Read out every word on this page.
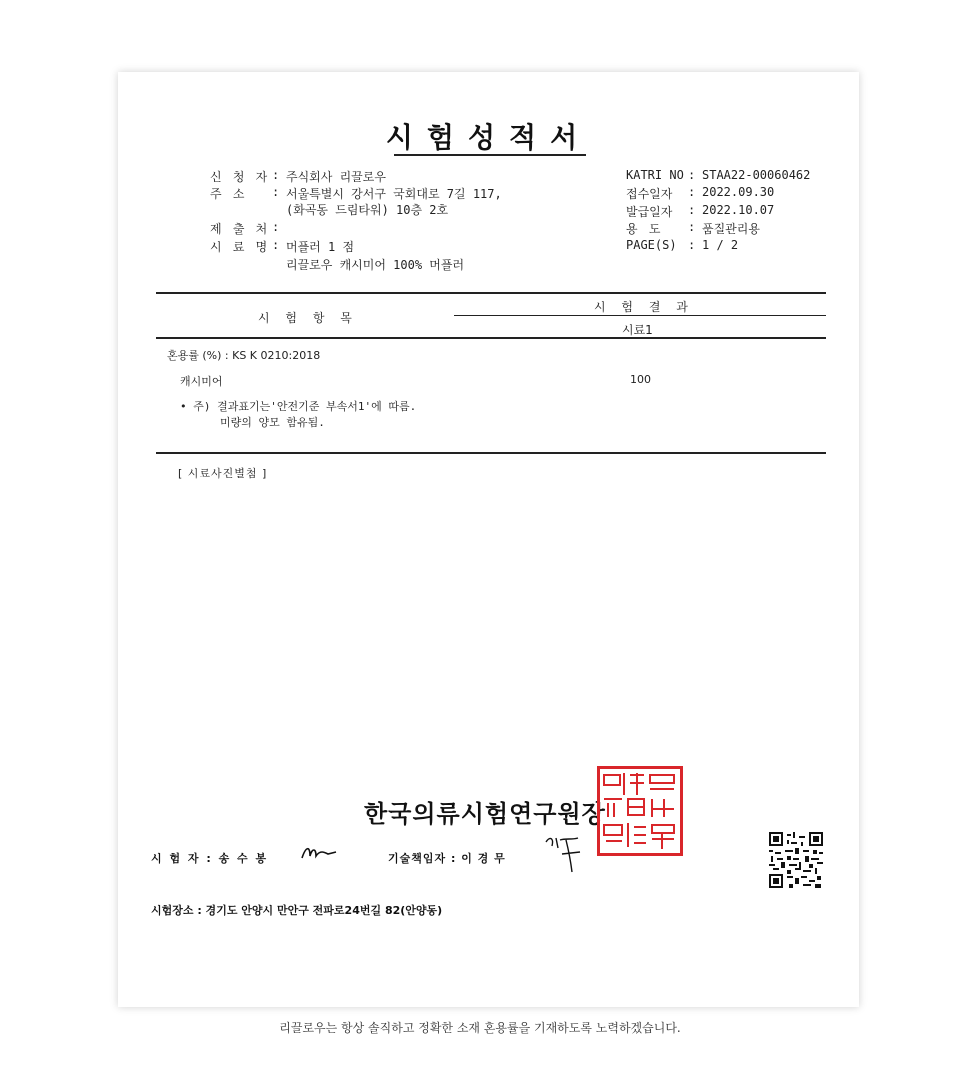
시험성적서
신 청 자 : 주식회사 리끌로우
주 소	: 서울특별시 강서구 국회대로 7길 117,
(화곡동 드림타워) 10층 2호
제 출 처 :
시 료 명 : 머플러 1 점
리끌로우 캐시미어 100% 머플러
KATRI NO : STAA22-00060462
접수일자	: 2022.09.30
발급일자	: 2022.10.07
용 도	: 품질관리용
PAGE(S) : 1 / 2
시 험 항 목
시 험 결 과
시료1
혼용률 (%) : KS K 0210:2018
캐시미어	100
• 주) 결과표기는'안전기준 부속서1'에 따름.
미량의 양모 함유됨.
[ 시료사진별첨 ]
한국의류시험연구원장
시 험 자 : 송 수 봉	기술책임자 : 이 경 무
시험장소 : 경기도 안양시 만안구 전파로24번길 82(안양동)
리끌로우는 항상 솔직하고 정확한 소재 혼용률을 기재하도록 노력하겠습니다.
